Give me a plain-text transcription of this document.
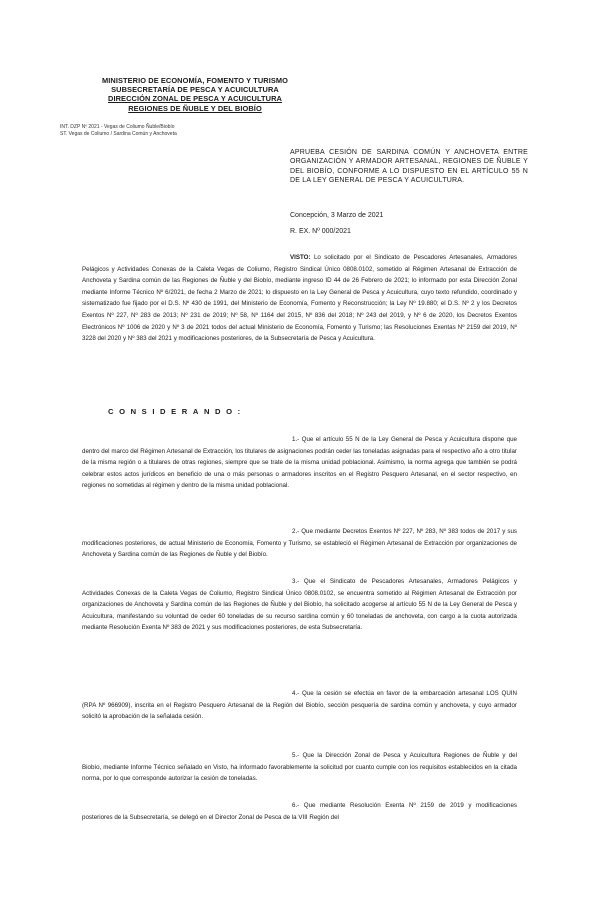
MINISTERIO DE ECONOMÍA, FOMENTO Y TURISMO
SUBSECRETARÍA DE PESCA Y ACUICULTURA
DIRECCIÓN ZONAL DE PESCA Y ACUICULTURA
REGIONES DE ÑUBLE Y DEL BIOBÍO
INT. DZP Nº 2021 - Vegas de Coliumo Ñuble/Biobío
ST. Vegas de Coliumo / Sardina Común y Anchoveta
APRUEBA CESIÓN DE SARDINA COMÚN Y ANCHOVETA ENTRE ORGANIZACIÓN Y ARMADOR ARTESANAL, REGIONES DE ÑUBLE Y DEL BIOBÍO, CONFORME A LO DISPUESTO EN EL ARTÍCULO 55 N DE LA LEY GENERAL DE PESCA Y ACUICULTURA.
Concepción, 3 Marzo de 2021
R. EX. Nº 000/2021
VISTO: Lo solicitado por el Sindicato de Pescadores Artesanales, Armadores Pelágicos y Actividades Conexas de la Caleta Vegas de Coliumo, Registro Sindical Único 0808.0102, sometido al Régimen Artesanal de Extracción de Anchoveta y Sardina común de las Regiones de Ñuble y del Biobío, mediante ingreso ID 44 de 26 Febrero de 2021; lo informado por esta Dirección Zonal mediante Informe Técnico Nº 6/2021, de fecha 2 Marzo de 2021; lo dispuesto en la Ley General de Pesca y Acuicultura, cuyo texto refundido, coordinado y sistematizado fue fijado por el D.S. Nº 430 de 1991, del Ministerio de Economía, Fomento y Reconstrucción; la Ley Nº 19.880; el D.S. Nº 2 y los Decretos Exentos Nº 227, Nº 283 de 2013; Nº 231 de 2019; Nº 58, Nº 1164 del 2015, Nº 836 del 2018; Nº 243 del 2019, y Nº 6 de 2020, los Decretos Exentos Electrónicos Nº 1006 de 2020 y Nº 3 de 2021 todos del actual Ministerio de Economía, Fomento y Turismo; las Resoluciones Exentas Nº 2159 del 2019, Nº 3228 del 2020 y Nº 383 del 2021 y modificaciones posteriores, de la Subsecretaría de Pesca y Acuicultura.
CONSIDERANDO:
1.- Que el artículo 55 N de la Ley General de Pesca y Acuicultura dispone que dentro del marco del Régimen Artesanal de Extracción, los titulares de asignaciones podrán ceder las toneladas asignadas para el respectivo año a otro titular de la misma región o a titulares de otras regiones, siempre que se trate de la misma unidad poblacional. Asimismo, la norma agrega que también se podrá celebrar estos actos jurídicos en beneficio de una o más personas o armadores inscritos en el Registro Pesquero Artesanal, en el sector respectivo, en regiones no sometidas al régimen y dentro de la misma unidad poblacional.
2.- Que mediante Decretos Exentos Nº 227, Nº 283, Nº 383 todos de 2017 y sus modificaciones posteriores, de actual Ministerio de Economía, Fomento y Turismo, se estableció el Régimen Artesanal de Extracción por organizaciones de Anchoveta y Sardina común de las Regiones de Ñuble y del Biobío.
3.- Que el Sindicato de Pescadores Artesanales, Armadores Pelágicos y Actividades Conexas de la Caleta Vegas de Coliumo, Registro Sindical Único 0808.0102, se encuentra sometido al Régimen Artesanal de Extracción por organizaciones de Anchoveta y Sardina común de las Regiones de Ñuble y del Biobío, ha solicitado acogerse al artículo 55 N de la Ley General de Pesca y Acuicultura, manifestando su voluntad de ceder 60 toneladas de su recurso sardina común y 60 toneladas de anchoveta, con cargo a la cuota autorizada mediante Resolución Exenta Nº 383 de 2021 y sus modificaciones posteriores, de esta Subsecretaría.
4.- Que la cesión se efectúa en favor de la embarcación artesanal LOS QUIN (RPA Nº 966909), inscrita en el Registro Pesquero Artesanal de la Región del Biobío, sección pesquería de sardina común y anchoveta, y cuyo armador solicitó la aprobación de la señalada cesión.
5.- Que la Dirección Zonal de Pesca y Acuicultura Regiones de Ñuble y del Biobío, mediante Informe Técnico señalado en Visto, ha informado favorablemente la solicitud por cuanto cumple con los requisitos establecidos en la citada norma, por lo que corresponde autorizar la cesión de toneladas.
6.- Que mediante Resolución Exenta Nº 2159 de 2019 y modificaciones posteriores de la Subsecretaría, se delegó en el Director Zonal de Pesca de la VIII Región del
